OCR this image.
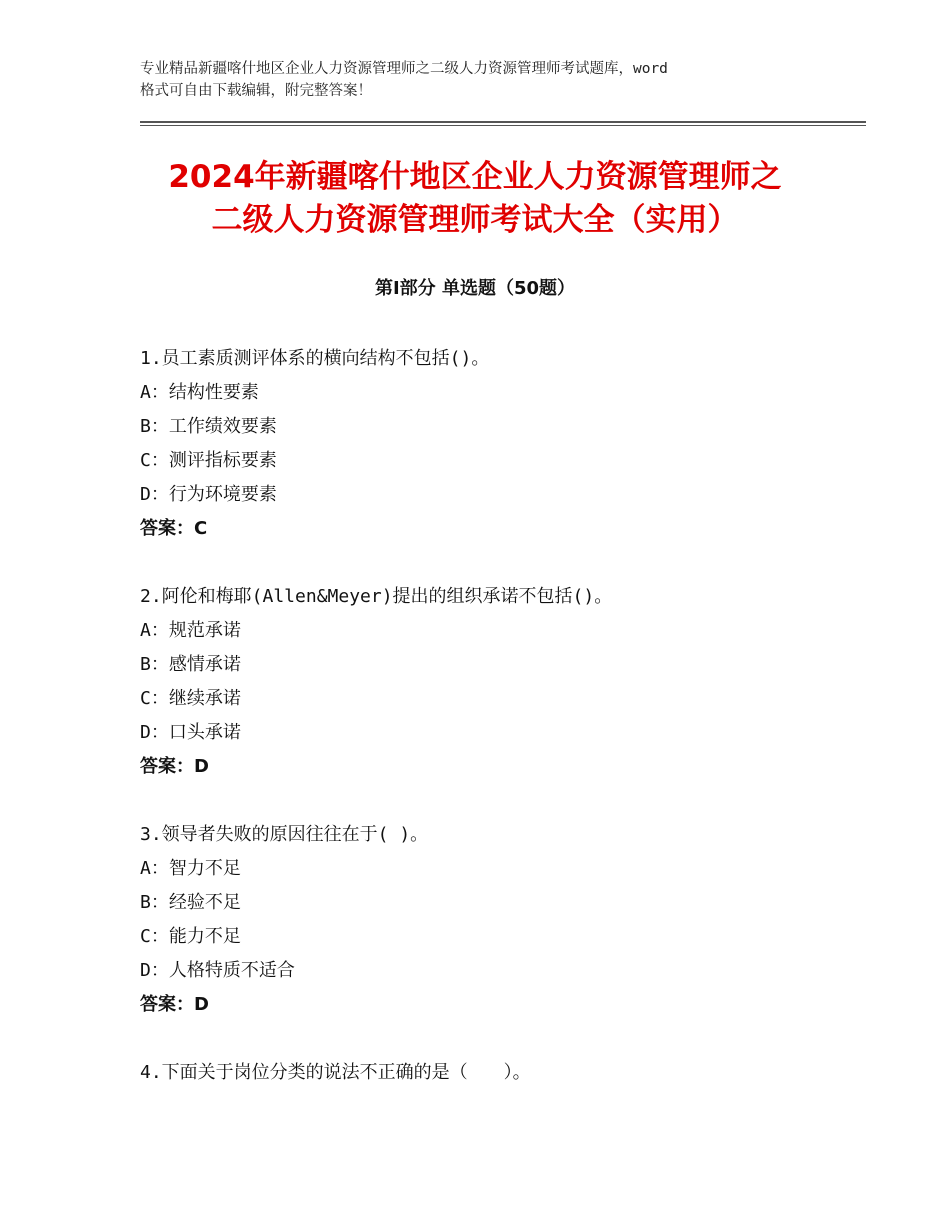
专业精品新疆喀什地区企业人力资源管理师之二级人力资源管理师考试题库，word
格式可自由下载编辑，附完整答案！
2024年新疆喀什地区企业人力资源管理师之
二级人力资源管理师考试大全（实用）
第Ⅰ部分 单选题（50题）
1.员工素质测评体系的横向结构不包括()。
A：结构性要素
B：工作绩效要素
C：测评指标要素
D：行为环境要素
答案：C
2.阿伦和梅耶(Allen&Meyer)提出的组织承诺不包括()。
A：规范承诺
B：感情承诺
C：继续承诺
D：口头承诺
答案：D
3.领导者失败的原因往往在于( )。
A：智力不足
B：经验不足
C：能力不足
D：人格特质不适合
答案：D
4.下面关于岗位分类的说法不正确的是（　　）。
